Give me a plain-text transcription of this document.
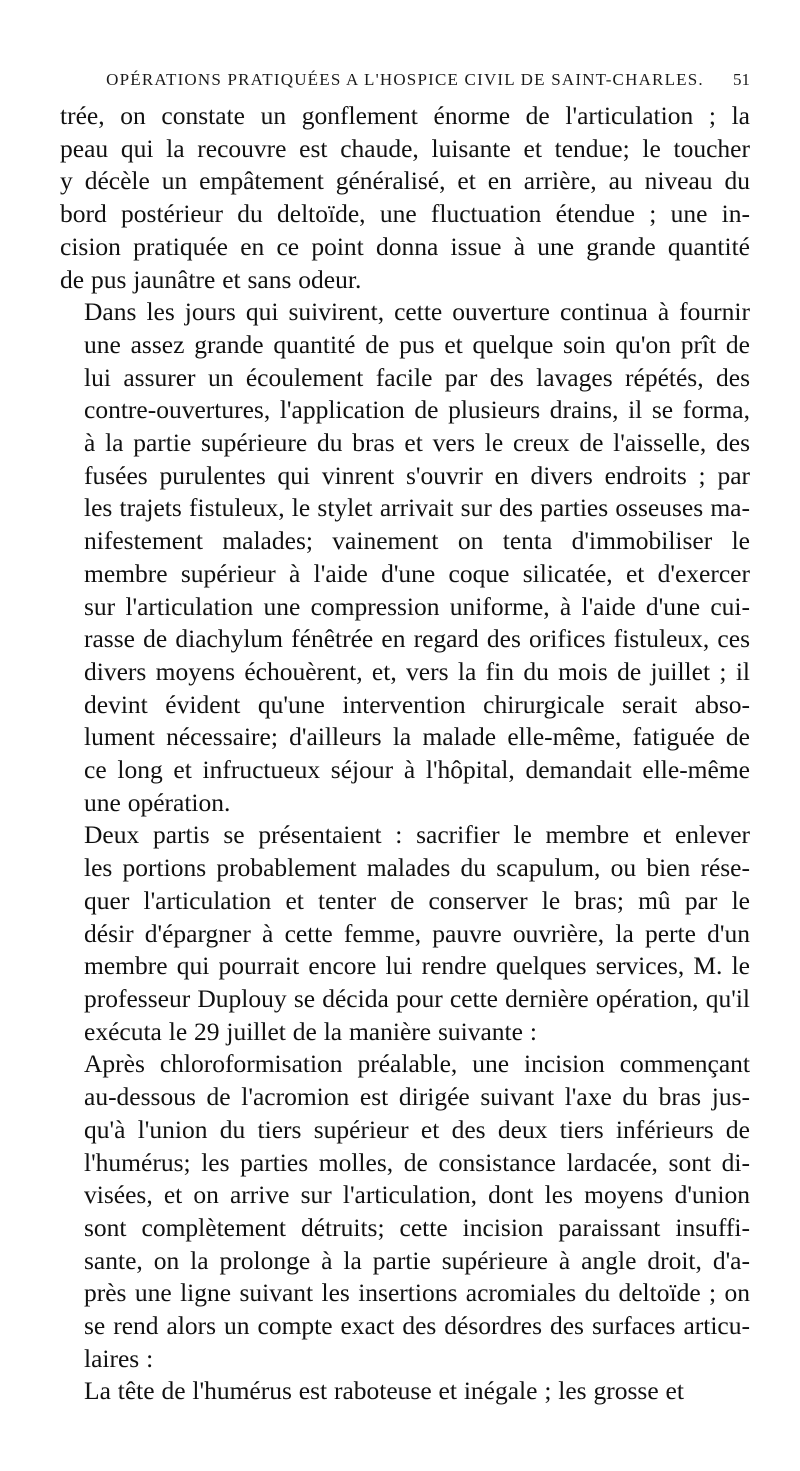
OPÉRATIONS PRATIQUÉES A L'HOSPICE CIVIL DE SAINT-CHARLES.	51

trée, on constate un gonflement énorme de l'articulation ; la
peau qui la recouvre est chaude, luisante et tendue; le toucher
y décèle un empâtement généralisé, et en arrière, au niveau du
bord postérieur du deltoïde, une fluctuation étendue ; une in-
cision pratiquée en ce point donna issue à une grande quantité
de pus jaunâtre et sans odeur.

Dans les jours qui suivirent, cette ouverture continua à fournir
une assez grande quantité de pus et quelque soin qu'on prît de
lui assurer un écoulement facile par des lavages répétés, des
contre-ouvertures, l'application de plusieurs drains, il se forma,
à la partie supérieure du bras et vers le creux de l'aisselle, des
fusées purulentes qui vinrent s'ouvrir en divers endroits ; par
les trajets fistuleux, le stylet arrivait sur des parties osseuses ma-
nifestement malades; vainement on tenta d'immobiliser le
membre supérieur à l'aide d'une coque silicatée, et d'exercer
sur l'articulation une compression uniforme, à l'aide d'une cui-
rasse de diachylum fénêtrée en regard des orifices fistuleux, ces
divers moyens échouèrent, et, vers la fin du mois de juillet ; il
devint évident qu'une intervention chirurgicale serait abso-
lument nécessaire; d'ailleurs la malade elle-même, fatiguée de
ce long et infructueux séjour à l'hôpital, demandait elle-même
une opération.

Deux partis se présentaient : sacrifier le membre et enlever
les portions probablement malades du scapulum, ou bien rése-
quer l'articulation et tenter de conserver le bras; mû par le
désir d'épargner à cette femme, pauvre ouvrière, la perte d'un
membre qui pourrait encore lui rendre quelques services, M. le
professeur Duplouy se décida pour cette dernière opération, qu'il
exécuta le 29 juillet de la manière suivante :

Après chloroformisation préalable, une incision commençant
au-dessous de l'acromion est dirigée suivant l'axe du bras jus-
qu'à l'union du tiers supérieur et des deux tiers inférieurs de
l'humérus; les parties molles, de consistance lardacée, sont di-
visées, et on arrive sur l'articulation, dont les moyens d'union
sont complètement détruits; cette incision paraissant insuffi-
sante, on la prolonge à la partie supérieure à angle droit, d'a-
près une ligne suivant les insertions acromiales du deltoïde ; on
se rend alors un compte exact des désordres des surfaces articu-
laires :

La tête de l'humérus est raboteuse et inégale ; les grosse et
